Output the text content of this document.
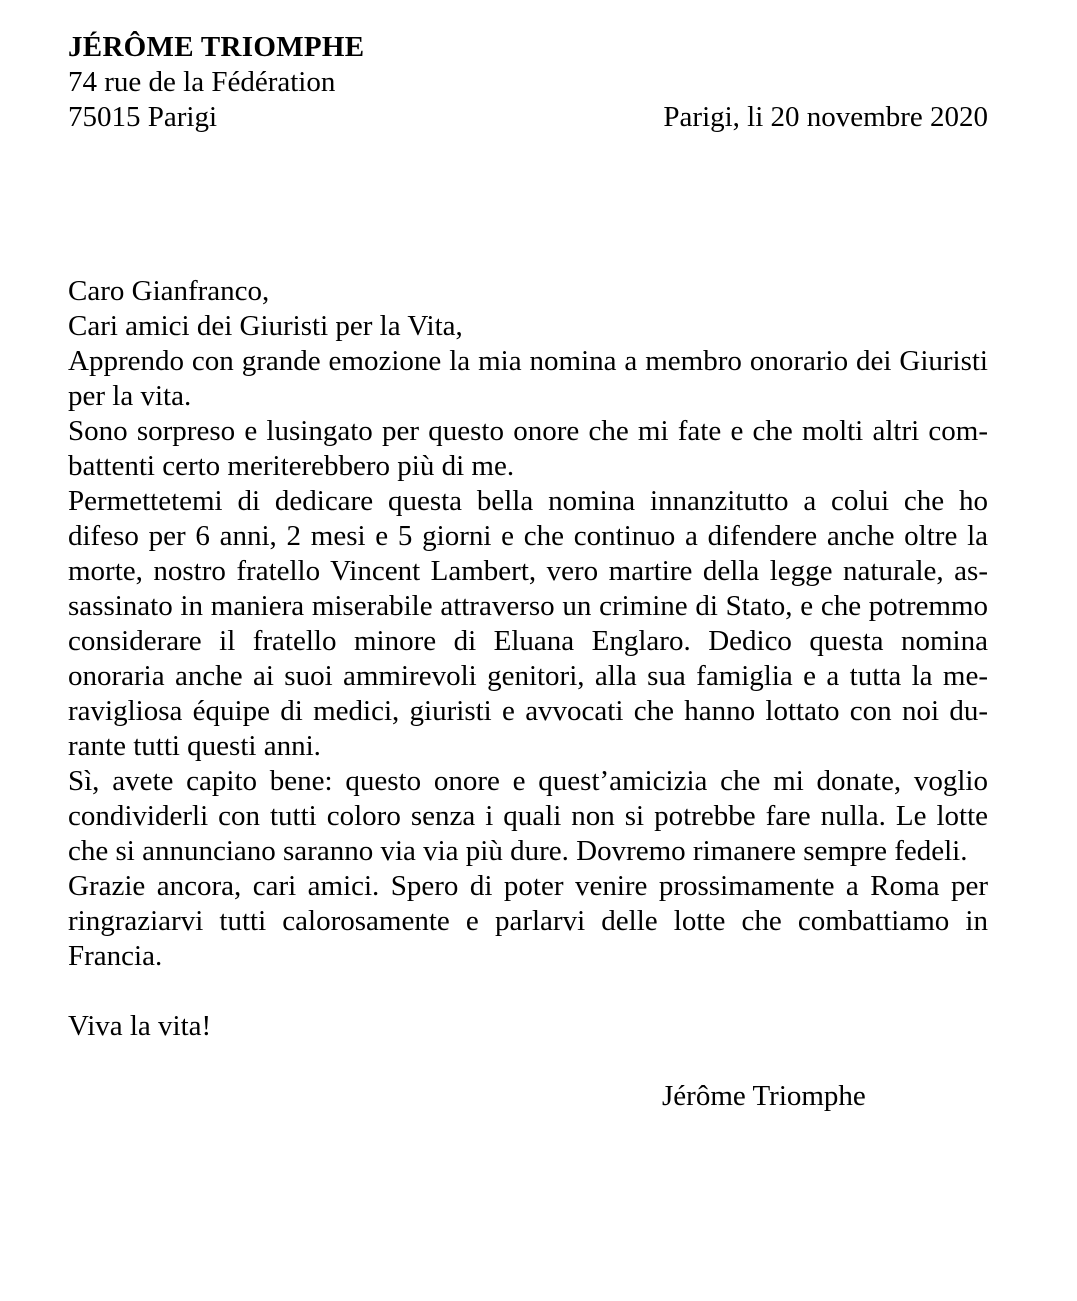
JÉRÔME TRIOMPHE
74 rue de la Fédération
75015 Parigi	Parigi, li 20 novembre 2020
Caro Gianfranco,
Cari amici dei Giuristi per la Vita,

Apprendo con grande emozione la mia nomina a membro onorario dei Giuristi per la vita.

Sono sorpreso e lusingato per questo onore che mi fate e che molti altri combattenti certo meriterebbero più di me.

Permettetemi di dedicare questa bella nomina innanzitutto a colui che ho difeso per 6 anni, 2 mesi e 5 giorni e che continuo a difendere anche oltre la morte, nostro fratello Vincent Lambert, vero martire della legge naturale, assassinato in maniera miserabile attraverso un crimine di Stato, e che potremmo considerare il fratello minore di Eluana Englaro. Dedico questa nomina onoraria anche ai suoi ammirevoli genitori, alla sua famiglia e a tutta la meravigliosa équipe di medici, giuristi e avvocati che hanno lottato con noi durante tutti questi anni.

Sì, avete capito bene: questo onore e quest’amicizia che mi donate, voglio condividerli con tutti coloro senza i quali non si potrebbe fare nulla. Le lotte che si annunciano saranno via via più dure. Dovremo rimanere sempre fedeli.

Grazie ancora, cari amici. Spero di poter venire prossimamente a Roma per ringraziarvi tutti calorosamente e parlarvi delle lotte che combattiamo in Francia.

Viva la vita!
Jérôme Triomphe
